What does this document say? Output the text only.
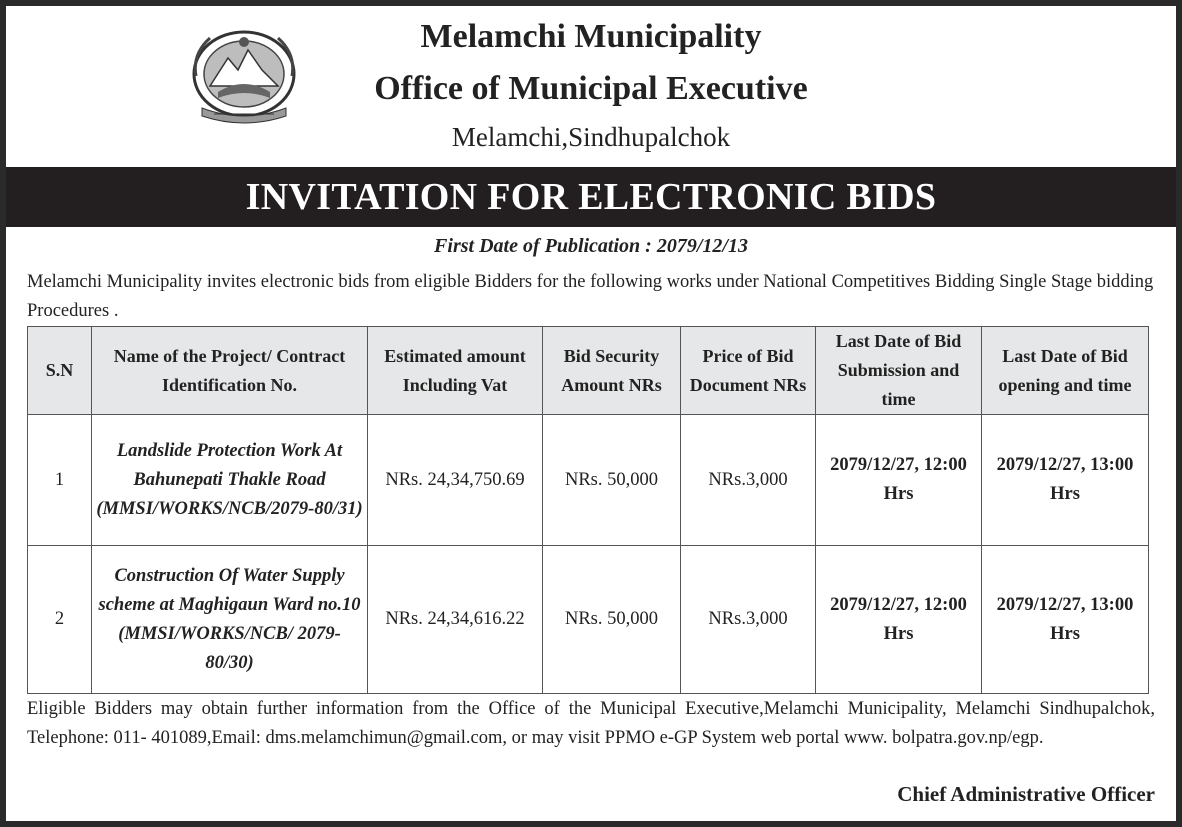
Melamchi Municipality
Office of Municipal Executive
Melamchi,Sindhupalchok
INVITATION FOR ELECTRONIC BIDS
First Date of Publication : 2079/12/13
Melamchi Municipality invites electronic bids from eligible Bidders for the following works under National Competitives Bidding Single Stage bidding Procedures .
S.N	Name of the Project/ Contract Identification No.	Estimated amount Including Vat	Bid Security Amount NRs	Price of Bid Document NRs	Last Date of Bid Submission and time	Last Date of Bid opening and time
1	Landslide Protection Work At Bahunepati Thakle Road (MMSI/WORKS/NCB/2079-80/31)	NRs. 24,34,750.69	NRs. 50,000	NRs.3,000	2079/12/27, 12:00 Hrs	2079/12/27, 13:00 Hrs
2	Construction Of Water Supply scheme at Maghigaun Ward no.10 (MMSI/WORKS/NCB/ 2079-80/30)	NRs. 24,34,616.22	NRs. 50,000	NRs.3,000	2079/12/27, 12:00 Hrs	2079/12/27, 13:00 Hrs
Eligible Bidders may obtain further information from the Office of the Municipal Executive,Melamchi Municipality, Melamchi Sindhupalchok, Telephone: 011- 401089,Email: dms.melamchimun@gmail.com, or may visit PPMO e-GP System web portal www. bolpatra.gov.np/egp.
Chief Administrative Officer
